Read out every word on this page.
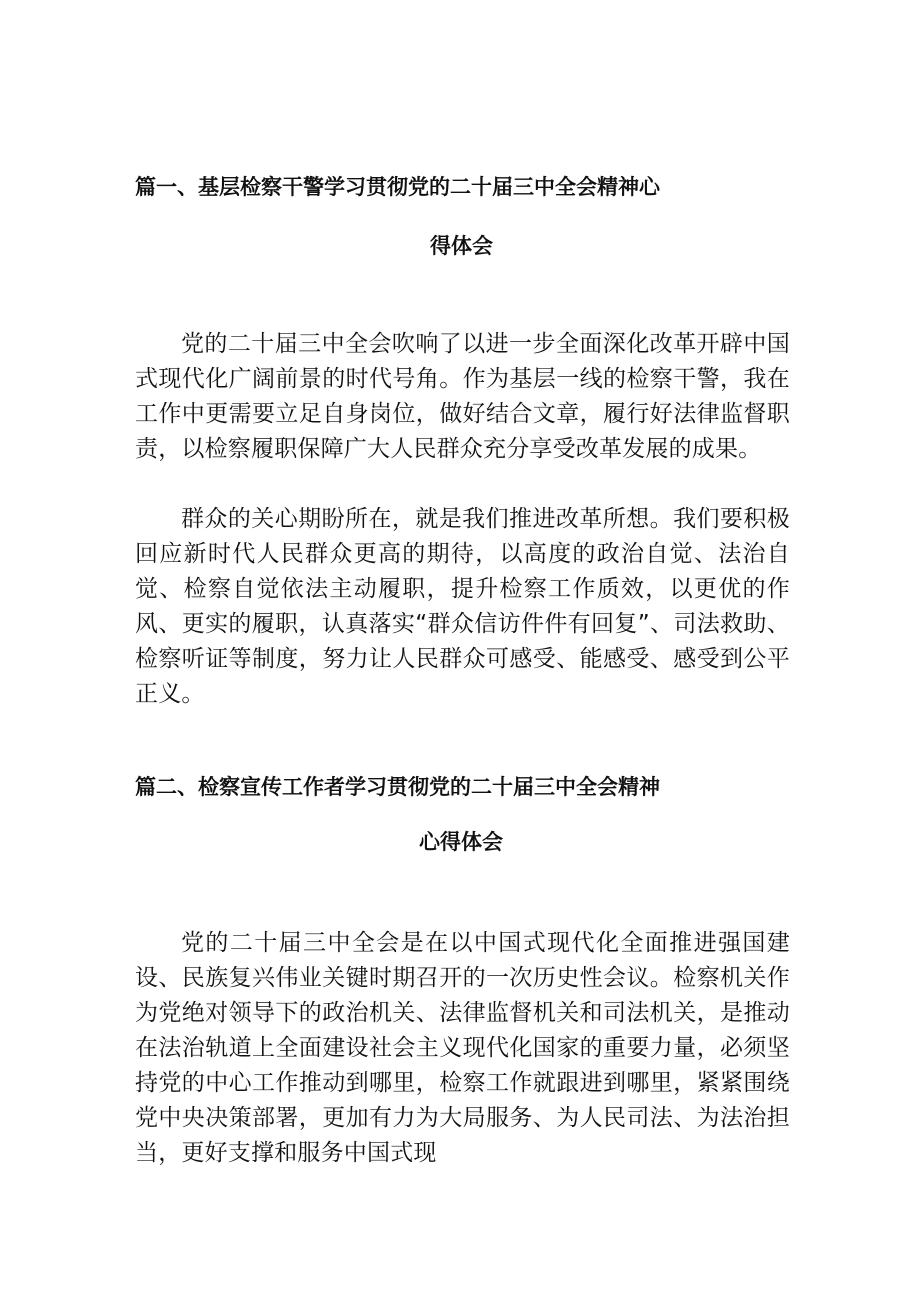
篇一、基层检察干警学习贯彻党的二十届三中全会精神心
得体会

党的二十届三中全会吹响了以进一步全面深化改革开辟中国式现代化广阔前景的时代号角。作为基层一线的检察干警，我在工作中更需要立足自身岗位，做好结合文章，履行好法律监督职责，以检察履职保障广大人民群众充分享受改革发展的成果。

群众的关心期盼所在，就是我们推进改革所想。我们要积极回应新时代人民群众更高的期待，以高度的政治自觉、法治自觉、检察自觉依法主动履职，提升检察工作质效，以更优的作风、更实的履职，认真落实“群众信访件件有回复”、司法救助、检察听证等制度，努力让人民群众可感受、能感受、感受到公平正义。

篇二、检察宣传工作者学习贯彻党的二十届三中全会精神
心得体会

党的二十届三中全会是在以中国式现代化全面推进强国建设、民族复兴伟业关键时期召开的一次历史性会议。检察机关作为党绝对领导下的政治机关、法律监督机关和司法机关，是推动在法治轨道上全面建设社会主义现代化国家的重要力量，必须坚持党的中心工作推动到哪里，检察工作就跟进到哪里，紧紧围绕党中央决策部署，更加有力为大局服务、为人民司法、为法治担当，更好支撑和服务中国式现
